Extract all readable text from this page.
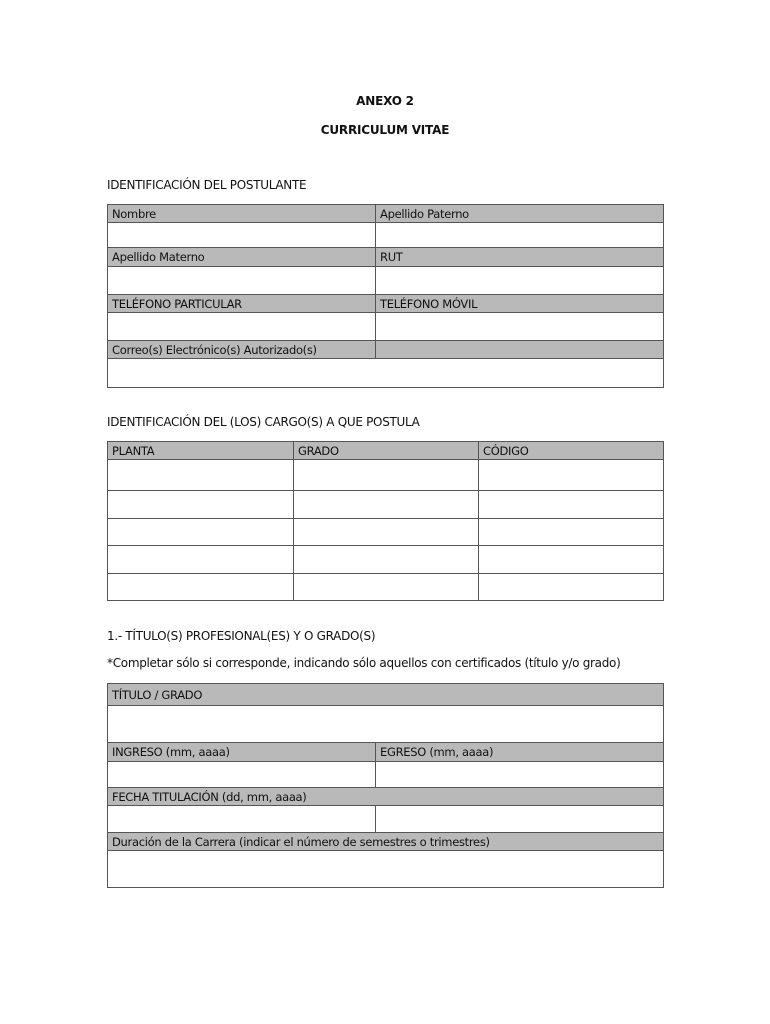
ANEXO 2
CURRICULUM VITAE
IDENTIFICACIÓN DEL POSTULANTE
Nombre	Apellido Paterno

Apellido Materno	RUT

TELÉFONO PARTICULAR	TELÉFONO MÓVIL

Correo(s) Electrónico(s) Autorizado(s)	

IDENTIFICACIÓN DEL (LOS) CARGO(S) A QUE POSTULA
PLANTA	GRADO	CÓDIGO

1.- TÍTULO(S) PROFESIONAL(ES) Y O GRADO(S)
*Completar sólo si corresponde, indicando sólo aquellos con certificados (título y/o grado)
TÍTULO / GRADO	

INGRESO (mm, aaaa)	EGRESO (mm, aaaa)

FECHA TITULACIÓN (dd, mm, aaaa)	

Duración de la Carrera (indicar el número de semestres o trimestres)	
